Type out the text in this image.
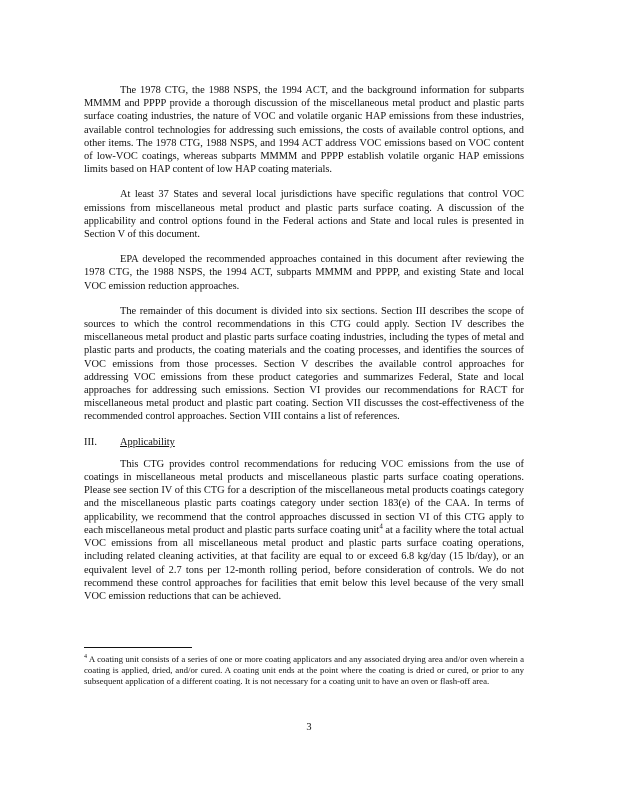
The 1978 CTG, the 1988 NSPS, the 1994 ACT, and the background information for subparts MMMM and PPPP provide a thorough discussion of the miscellaneous metal product and plastic parts surface coating industries, the nature of VOC and volatile organic HAP emissions from these industries, available control technologies for addressing such emissions, the costs of available control options, and other items. The 1978 CTG, 1988 NSPS, and 1994 ACT address VOC emissions based on VOC content of low-VOC coatings, whereas subparts MMMM and PPPP establish volatile organic HAP emissions limits based on HAP content of low HAP coating materials.

At least 37 States and several local jurisdictions have specific regulations that control VOC emissions from miscellaneous metal product and plastic parts surface coating. A discussion of the applicability and control options found in the Federal actions and State and local rules is presented in Section V of this document.

EPA developed the recommended approaches contained in this document after reviewing the 1978 CTG, the 1988 NSPS, the 1994 ACT, subparts MMMM and PPPP, and existing State and local VOC emission reduction approaches.

The remainder of this document is divided into six sections. Section III describes the scope of sources to which the control recommendations in this CTG could apply. Section IV describes the miscellaneous metal product and plastic parts surface coating industries, including the types of metal and plastic parts and products, the coating materials and the coating processes, and identifies the sources of VOC emissions from those processes. Section V describes the available control approaches for addressing VOC emissions from these product categories and summarizes Federal, State and local approaches for addressing such emissions. Section VI provides our recommendations for RACT for miscellaneous metal product and plastic part coating. Section VII discusses the cost-effectiveness of the recommended control approaches. Section VIII contains a list of references.

III. Applicability

This CTG provides control recommendations for reducing VOC emissions from the use of coatings in miscellaneous metal products and miscellaneous plastic parts surface coating operations. Please see section IV of this CTG for a description of the miscellaneous metal products coatings category and the miscellaneous plastic parts coatings category under section 183(e) of the CAA. In terms of applicability, we recommend that the control approaches discussed in section VI of this CTG apply to each miscellaneous metal product and plastic parts surface coating unit$^4$ at a facility where the total actual VOC emissions from all miscellaneous metal product and plastic parts surface coating operations, including related cleaning activities, at that facility are equal to or exceed 6.8 kg/day (15 lb/day), or an equivalent level of 2.7 tons per 12-month rolling period, before consideration of controls. We do not recommend these control approaches for facilities that emit below this level because of the very small VOC emission reductions that can be achieved.

$^4$ A coating unit consists of a series of one or more coating applicators and any associated drying area and/or oven wherein a coating is applied, dried, and/or cured. A coating unit ends at the point where the coating is dried or cured, or prior to any subsequent application of a different coating. It is not necessary for a coating unit to have an oven or flash-off area.
3
